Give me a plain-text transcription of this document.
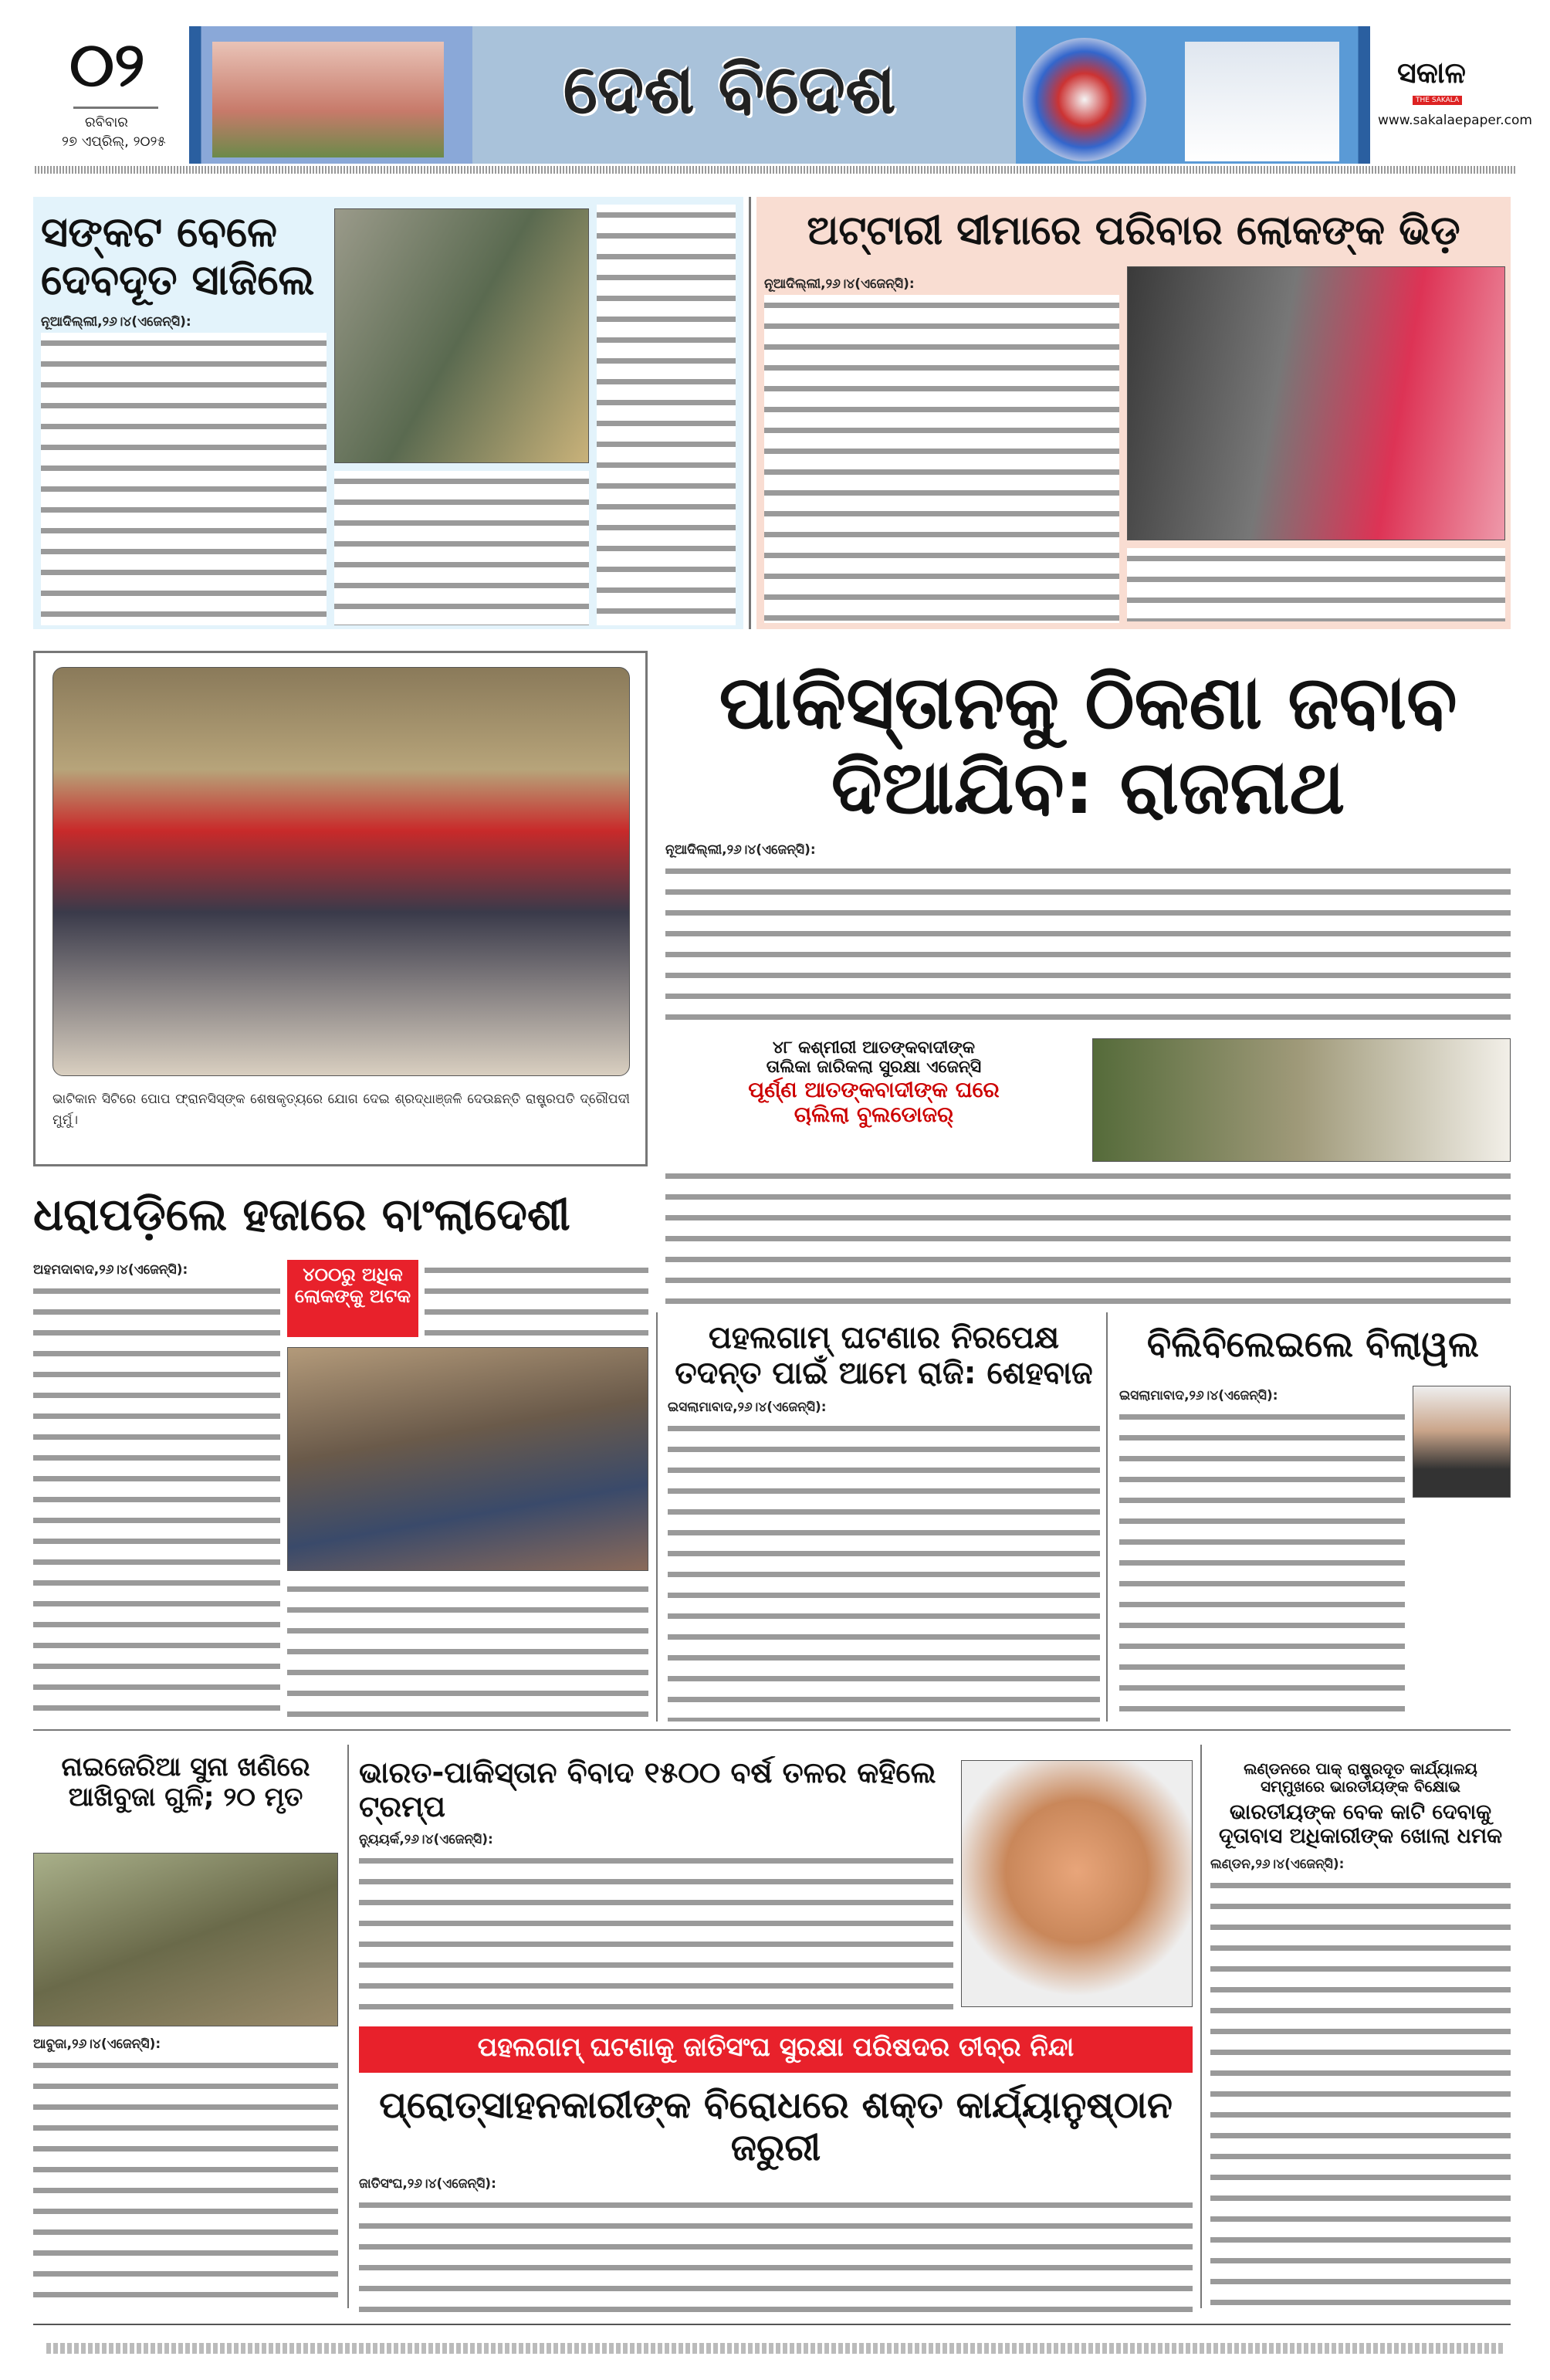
୦୨
ରବିବାର
୨୭ ଏପ୍ରିଲ୍, ୨୦୨୫
ଦେଶ ବିଦେଶ	ସକାଳ
THE SAKALA
www.sakalaepaper.com
ସଙ୍କଟ ବେଳେ ଦେବଦୂତ ସାଜିଲେ
ନୂଆଦିଲ୍ଲୀ,୨୬।୪(ଏଜେନ୍ସି):
ଅଟ୍ଟାରୀ ସୀମାରେ ପରିବାର ଲୋକଙ୍କ ଭିଡ଼
ନୂଆଦିଲ୍ଲୀ,୨୬।୪(ଏଜେନ୍ସି):
ଭାଟିକାନ ସିଟିରେ ପୋପ ଫ୍ରାନସିସ୍‌ଙ୍କ ଶେଷକୃତ୍ୟରେ ଯୋଗ ଦେଇ ଶ୍ରଦ୍ଧାଞ୍ଜଳି ଦେଉଛନ୍ତି ରାଷ୍ଟ୍ରପତି ଦ୍ରୌପଦୀ ମୁର୍ମୁ।
ପାକିସ୍ତାନକୁ ଠିକଣା ଜବାବ
ଦିଆଯିବ: ରାଜନାଥ
ନୂଆଦିଲ୍ଲୀ,୨୬।୪(ଏଜେନ୍ସି):
୪୮ କଶ୍ମୀରୀ ଆତଙ୍କବାଦୀଙ୍କ
ତାଲିକା ଜାରିକଲା ସୁରକ୍ଷା ଏଜେନ୍ସି
ପୂର୍ଣ୍ଣ ଆତଙ୍କବାଦୀଙ୍କ ଘରେ
ଚାଲିଲା ବୁଲଡୋଜର୍
ଧରାପଡ଼ିଲେ ହଜାରେ ବାଂଲାଦେଶୀ
ଅହମଦାବାଦ,୨୬।୪(ଏଜେନ୍ସି):	୪୦୦ରୁ ଅଧିକ ଲୋକଙ୍କୁ ଅଟକ
ପହଲଗାମ୍ ଘଟଣାର ନିରପେକ୍ଷ
ତଦନ୍ତ ପାଇଁ ଆମେ ରାଜି: ଶେହବାଜ
ଇସଲାମାବାଦ,୨୬।୪(ଏଜେନ୍ସି):
ବିଲିବିଲେଇଲେ ବିଲାୱଲ
ଇସଲାମାବାଦ,୨୬।୪(ଏଜେନ୍ସି):
ନାଇଜେରିଆ ସୁନା ଖଣିରେ
ଆଖିବୁଜା ଗୁଳି; ୨୦ ମୃତ
ଆବୁଜା,୨୬।୪(ଏଜେନ୍ସି):
ଭାରତ-ପାକିସ୍ତାନ ବିବାଦ ୧୫୦୦ ବର୍ଷ ତଳର କହିଲେ ଟ୍ରମ୍ପ
ନ୍ୟୁୟର୍କ,୨୬।୪(ଏଜେନ୍ସି):
ପହଲଗାମ୍ ଘଟଣାକୁ ଜାତିସଂଘ ସୁରକ୍ଷା ପରିଷଦର ତୀବ୍ର ନିନ୍ଦା
ପ୍ରୋତ୍ସାହନକାରୀଙ୍କ ବିରୋଧରେ ଶକ୍ତ କାର୍ଯ୍ୟାନୁଷ୍ଠାନ ଜରୁରୀ
ଜାତିସଂଘ,୨୬।୪(ଏଜେନ୍ସି):
ଲଣ୍ଡନରେ ପାକ୍ ରାଷ୍ଟ୍ରଦୂତ କାର୍ଯ୍ୟାଳୟ
ସମ୍ମୁଖରେ ଭାରତୀୟଙ୍କ ବିକ୍ଷୋଭ
ଭାରତୀୟଙ୍କ ବେକ କାଟି ଦେବାକୁ
ଦୂତାବାସ ଅଧିକାରୀଙ୍କ ଖୋଲା ଧମକ
ଲଣ୍ଡନ,୨୬।୪(ଏଜେନ୍ସି):
